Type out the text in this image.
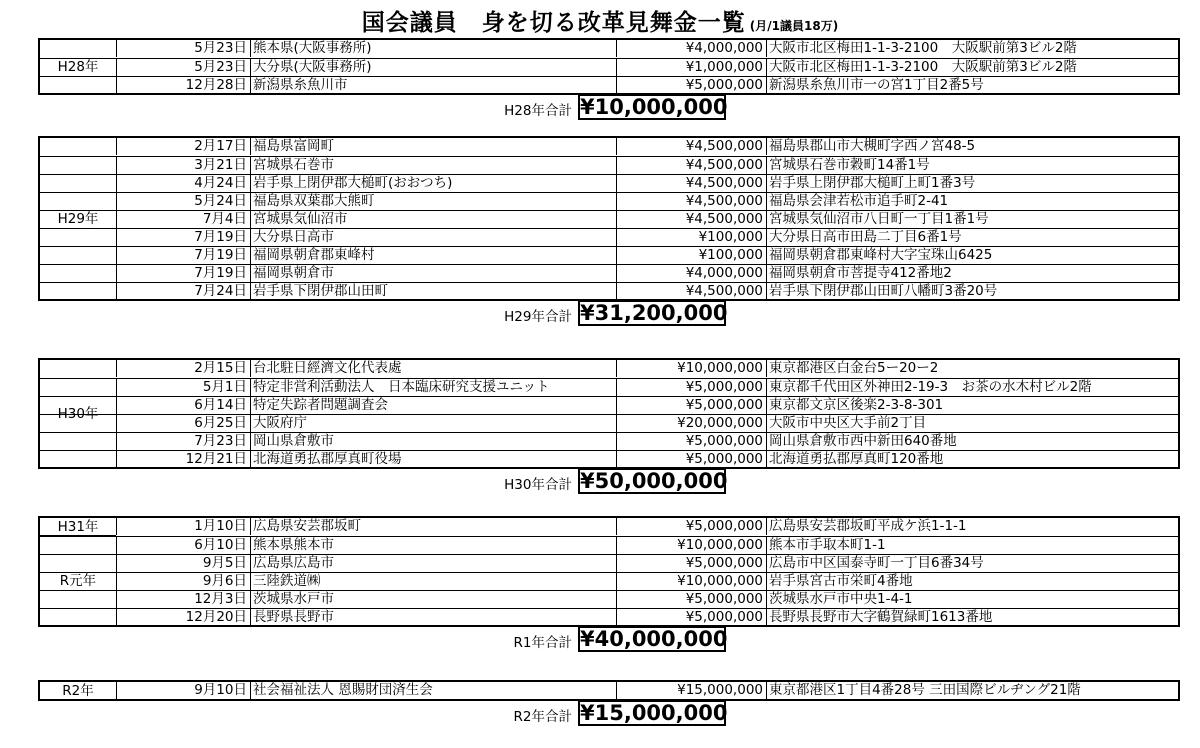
国会議員　身を切る改革見舞金一覧 (月/1議員18万)
H28年
5月23日 熊本県(大阪事務所)	¥4,000,000 大阪市北区梅田1-1-3-2100　大阪駅前第3ビル2階
5月23日 大分県(大阪事務所)	¥1,000,000 大阪市北区梅田1-1-3-2100　大阪駅前第3ビル2階
12月28日 新潟県糸魚川市	¥5,000,000 新潟県糸魚川市一の宮1丁目2番5号
H28年合計 ¥10,000,000
H29年
2月17日 福島県富岡町	¥4,500,000 福島県郡山市大槻町字西ノ宮48-5
3月21日 宮城県石巻市	¥4,500,000 宮城県石巻市穀町14番1号
4月24日 岩手県上閉伊郡大槌町(おおつち)	¥4,500,000 岩手県上閉伊郡大槌町上町1番3号
5月24日 福島県双葉郡大熊町	¥4,500,000 福島県会津若松市追手町2-41
7月4日 宮城県気仙沼市	¥4,500,000 宮城県気仙沼市八日町一丁目1番1号
7月19日 大分県日高市	¥100,000 大分県日高市田島二丁目6番1号
7月19日 福岡県朝倉郡東峰村	¥100,000 福岡県朝倉郡東峰村大字宝珠山6425
7月19日 福岡県朝倉市	¥4,000,000 福岡県朝倉市菩提寺412番地2
7月24日 岩手県下閉伊郡山田町	¥4,500,000 岩手県下閉伊郡山田町八幡町3番20号
H29年合計 ¥31,200,000
H30年
2月15日 台北駐日經濟文化代表處	¥10,000,000 東京都港区白金台5ー20ー2
5月1日 特定非営利活動法人　日本臨床研究支援ユニット	¥5,000,000 東京都千代田区外神田2-19-3　お茶の水木村ビル2階
6月14日 特定失踪者問題調査会	¥5,000,000 東京都文京区後楽2-3-8-301
6月25日 大阪府庁	¥20,000,000 大阪市中央区大手前2丁目
7月23日 岡山県倉敷市	¥5,000,000 岡山県倉敷市西中新田640番地
12月21日 北海道勇払郡厚真町役場	¥5,000,000 北海道勇払郡厚真町120番地
H30年合計 ¥50,000,000
H31年
R元年
1月10日 広島県安芸郡坂町	¥5,000,000 広島県安芸郡坂町平成ケ浜1-1-1
6月10日 熊本県熊本市	¥10,000,000 熊本市手取本町1-1
9月5日 広島県広島市	¥5,000,000 広島市中区国泰寺町一丁目6番34号
9月6日 三陸鉄道㈱	¥10,000,000 岩手県宮古市栄町4番地
12月3日 茨城県水戸市	¥5,000,000 茨城県水戸市中央1-4-1
12月20日 長野県長野市	¥5,000,000 長野県長野市大字鶴賀緑町1613番地
R1年合計 ¥40,000,000
R2年	9月10日 社会福祉法人 恩賜財団済生会	¥15,000,000 東京都港区1丁目4番28号 三田国際ビルヂング21階
R2年合計 ¥15,000,000
